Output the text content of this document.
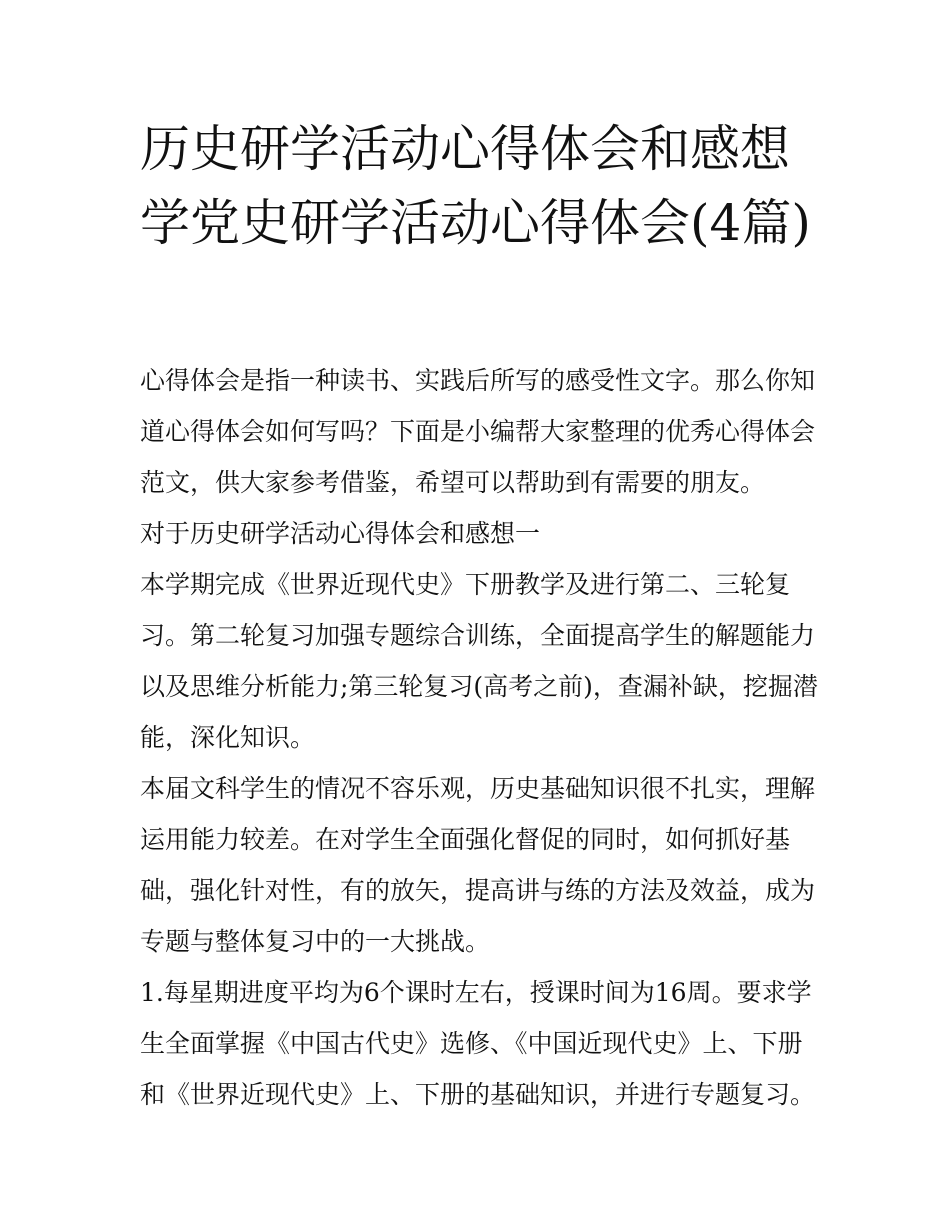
历史研学活动心得体会和感想学党史研学活动心得体会(4篇)

心得体会是指一种读书、实践后所写的感受性文字。那么你知道心得体会如何写吗？下面是小编帮大家整理的优秀心得体会范文，供大家参考借鉴，希望可以帮助到有需要的朋友。

对于历史研学活动心得体会和感想一

本学期完成《世界近现代史》下册教学及进行第二、三轮复习。第二轮复习加强专题综合训练，全面提高学生的解题能力以及思维分析能力;第三轮复习(高考之前)，查漏补缺，挖掘潜能，深化知识。

本届文科学生的情况不容乐观，历史基础知识很不扎实，理解运用能力较差。在对学生全面强化督促的同时，如何抓好基础，强化针对性，有的放矢，提高讲与练的方法及效益，成为专题与整体复习中的一大挑战。

1.每星期进度平均为6个课时左右，授课时间为16周。要求学生全面掌握《中国古代史》选修、《中国近现代史》上、下册和《世界近现代史》上、下册的基础知识，并进行专题复习。
